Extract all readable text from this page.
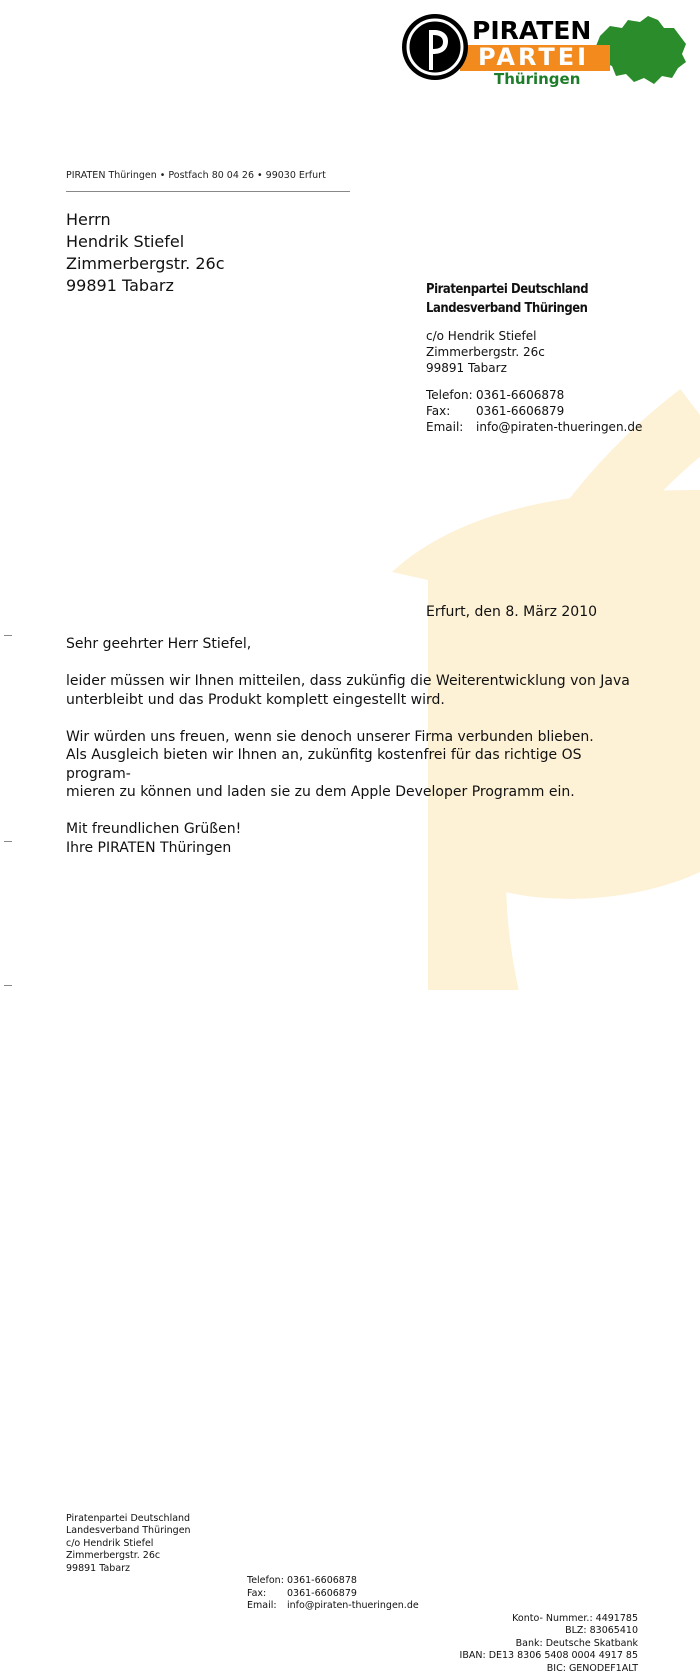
PIRATEN
PARTEI
Thüringen
PIRATEN Thüringen • Postfach 80 04 26 • 99030 Erfurt
Herrn
Hendrik Stiefel
Zimmerbergstr. 26c
99891 Tabarz	Piratenpartei Deutschland
Landesverband Thüringen
c/o Hendrik Stiefel
Zimmerbergstr. 26c
99891 Tabarz
Telefon: 0361-6606878
Fax:	0361-6606879
Email:	info@piraten-thueringen.de
Erfurt, den 8. März 2010

Sehr geehrter Herr Stiefel,

leider müssen wir Ihnen mitteilen, dass zukünfig die Weiterentwicklung von Java
unterbleibt und das Produkt komplett eingestellt wird.

Wir würden uns freuen, wenn sie denoch unserer Firma verbunden blieben.
Als Ausgleich bieten wir Ihnen an, zukünfitg kostenfrei für das richtige OS program-
mieren zu können und laden sie zu dem Apple Developer Programm ein.

Mit freundlichen Grüßen!
Ihre PIRATEN Thüringen

Piratenpartei Deutschland
Landesverband Thüringen
c/o Hendrik Stiefel
Zimmerbergstr. 26c
99891 Tabarz
Telefon: 0361-6606878
Fax:	0361-6606879
Email:	info@piraten-thueringen.de
Konto- Nummer.: 4491785
BLZ: 83065410
Bank: Deutsche Skatbank
IBAN: DE13 8306 5408 0004 4917 85
BIC: GENODEF1ALT
